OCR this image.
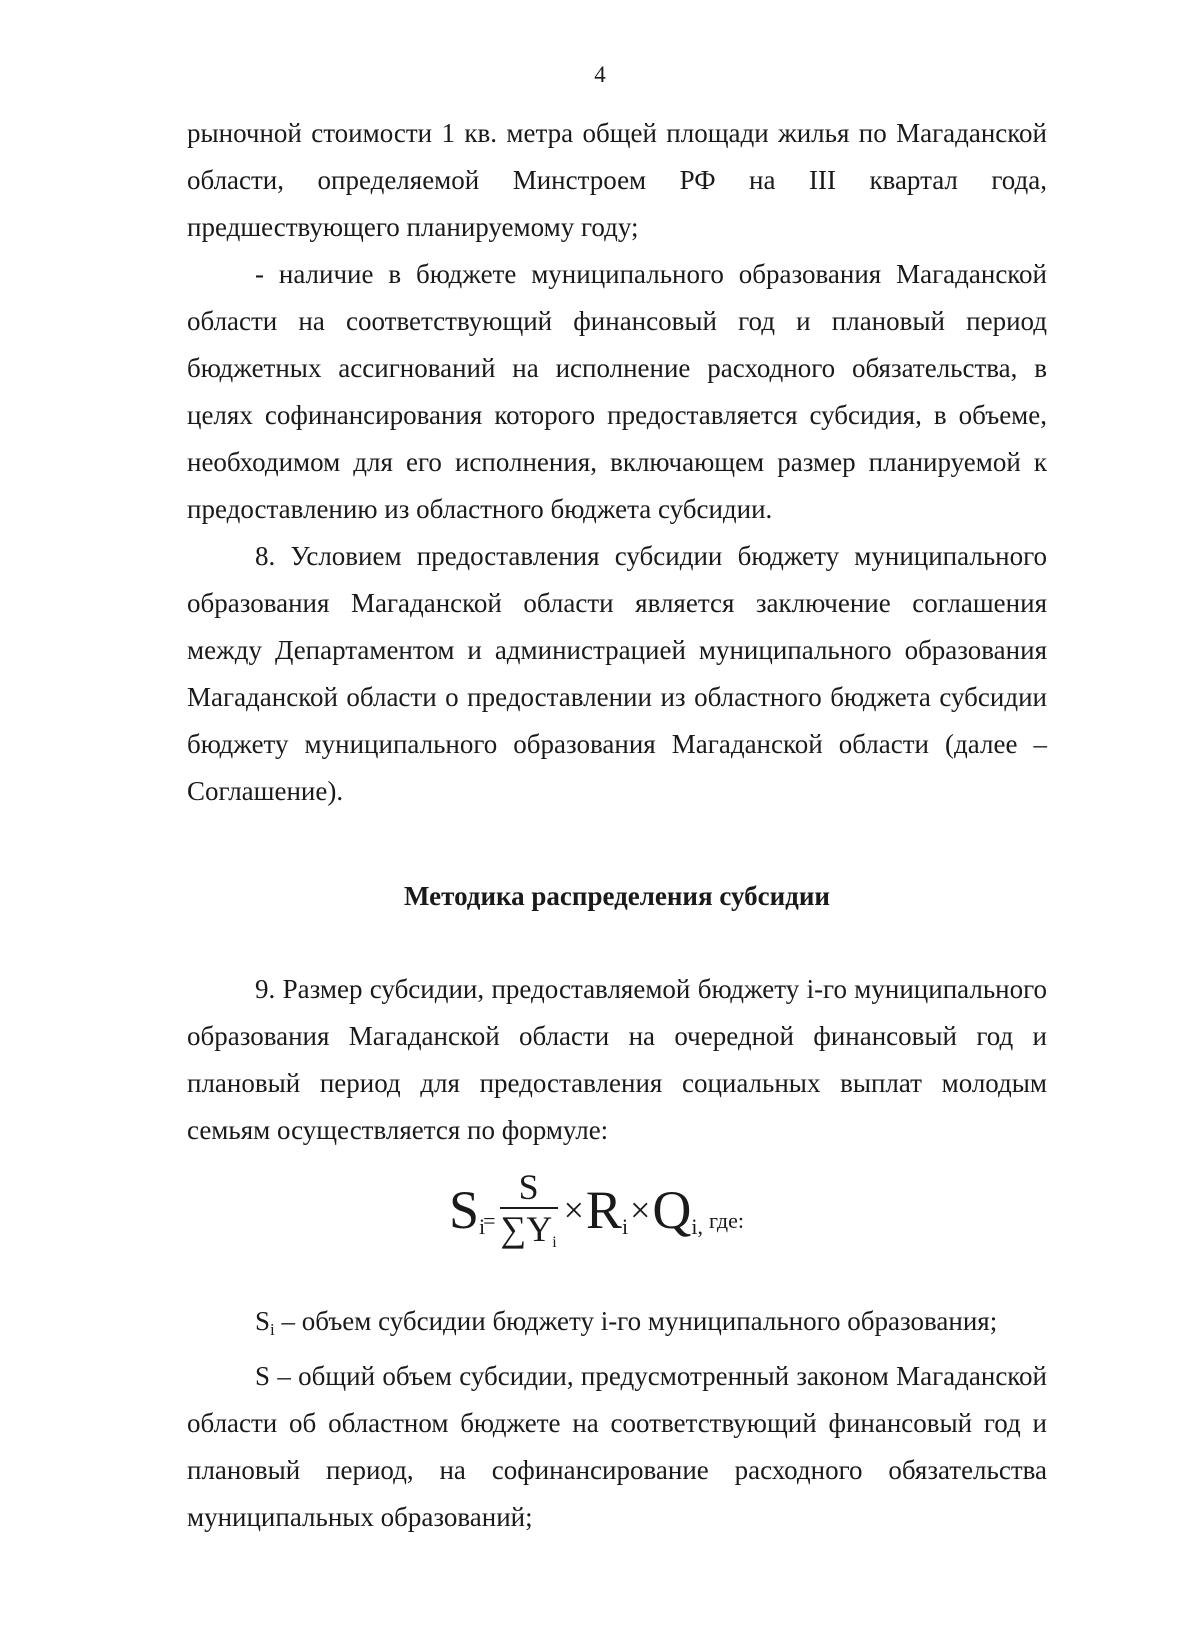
4

рыночной стоимости 1 кв. метра общей площади жилья по Магаданской области, определяемой Минстроем РФ на III квартал года, предшествующего планируемому году;

- наличие в бюджете муниципального образования Магаданской области на соответствующий финансовый год и плановый период бюджетных ассигнований на исполнение расходного обязательства, в целях софинансирования которого предоставляется субсидия, в объеме, необходимом для его исполнения, включающем размер планируемой к предоставлению из областного бюджета субсидии.

8. Условием предоставления субсидии бюджету муниципального образования Магаданской области является заключение соглашения между Департаментом и администрацией муниципального образования Магаданской области о предоставлении из областного бюджета субсидии бюджету муниципального образования Магаданской области (далее – Соглашение).

Методика распределения субсидии

9. Размер субсидии, предоставляемой бюджету i-го муниципального образования Магаданской области на очередной финансовый год и плановый период для предоставления социальных выплат молодым семьям осуществляется по формуле:

$S_i$
= $\frac{S}{\sum Yi} \times R_i \times Q_{i,}$ где:

Si – объем субсидии бюджету i-го муниципального образования;

S – общий объем субсидии, предусмотренный законом Магаданской области об областном бюджете на соответствующий финансовый год и плановый период, на софинансирование расходного обязательства муниципальных образований;
